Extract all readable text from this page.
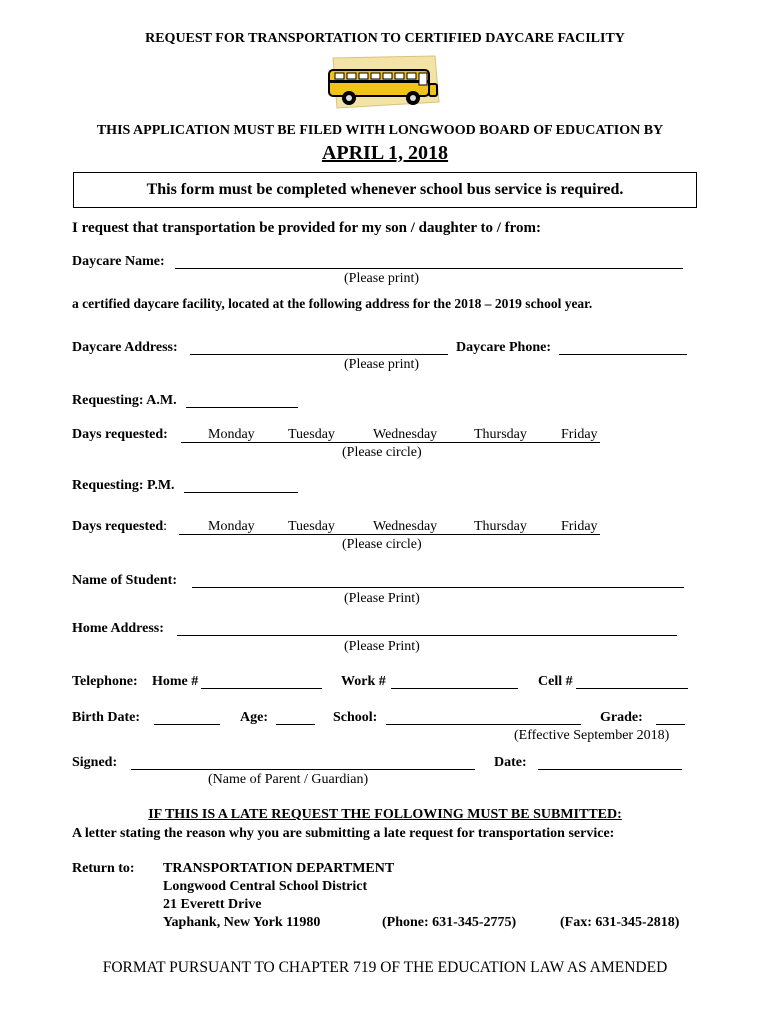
REQUEST FOR TRANSPORTATION TO CERTIFIED DAYCARE FACILITY
THIS APPLICATION MUST BE FILED WITH LONGWOOD BOARD OF EDUCATION BY
APRIL 1, 2018
This form must be completed whenever school bus service is required.
I request that transportation be provided for my son / daughter to / from:
Daycare Name:
(Please print)
a certified daycare facility, located at the following address for the 2018 – 2019 school year.
Daycare Address:	Daycare Phone:
(Please print)
Requesting: A.M.
Days requested:	Monday Tuesday	Wednesday	Thursday Friday
(Please circle)
Requesting: P.M.
Days requested:	Monday Tuesday	Wednesday	Thursday Friday
(Please circle)
Name of Student:
(Please Print)
Home Address:
(Please Print)
Telephone: Home #	Work #	Cell #
Birth Date:	Age:	School:	Grade:
(Effective September 2018)
Signed:	Date:
(Name of Parent / Guardian)
IF THIS IS A LATE REQUEST THE FOLLOWING MUST BE SUBMITTED:
A letter stating the reason why you are submitting a late request for transportation service:
Return to: TRANSPORTATION DEPARTMENT
Longwood Central School District
21 Everett Drive
Yaphank, New York 11980	(Phone: 631-345-2775)	(Fax: 631-345-2818)
FORMAT PURSUANT TO CHAPTER 719 OF THE EDUCATION LAW AS AMENDED
